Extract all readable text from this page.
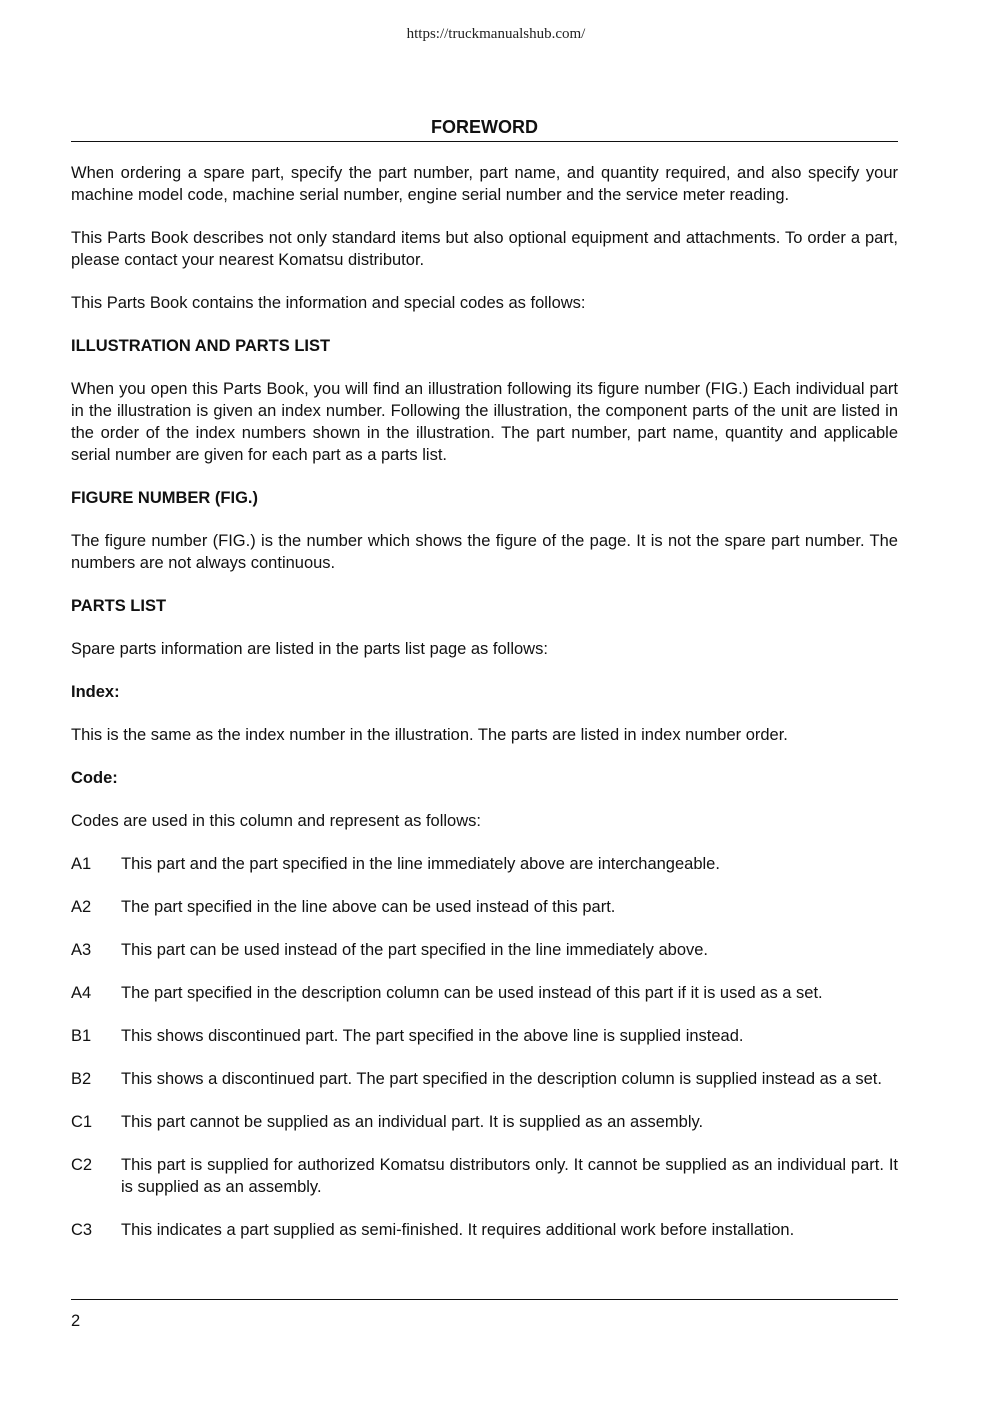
https://truckmanualshub.com/
FOREWORD

When ordering a spare part, specify the part number, part name, and quantity required, and also specify your machine model code, machine serial number, engine serial number and the service meter reading.

This Parts Book describes not only standard items but also optional equipment and attachments. To order a part, please contact your nearest Komatsu distributor.

This Parts Book contains the information and special codes as follows:

ILLUSTRATION AND PARTS LIST

When you open this Parts Book, you will find an illustration following its figure number (FIG.) Each individual part in the illustration is given an index number. Following the illustration, the component parts of the unit are listed in the order of the index numbers shown in the illustration. The part number, part name, quantity and applicable serial number are given for each part as a parts list.

FIGURE NUMBER (FIG.)

The figure number (FIG.) is the number which shows the figure of the page. It is not the spare part number. The numbers are not always continuous.

PARTS LIST

Spare parts information are listed in the parts list page as follows:

Index:

This is the same as the index number in the illustration. The parts are listed in index number order.

Code:

Codes are used in this column and represent as follows:

A1	This part and the part specified in the line immediately above are interchangeable.
A2	The part specified in the line above can be used instead of this part.
A3	This part can be used instead of the part specified in the line immediately above.
A4	The part specified in the description column can be used instead of this part if it is used as a set.
B1	This shows discontinued part. The part specified in the above line is supplied instead.
B2	This shows a discontinued part. The part specified in the description column is supplied instead as a set.
C1	This part cannot be supplied as an individual part. It is supplied as an assembly.
C2	This part is supplied for authorized Komatsu distributors only. It cannot be supplied as an individual part. It is supplied as an assembly.
C3	This indicates a part supplied as semi-finished. It requires additional work before installation.
2
